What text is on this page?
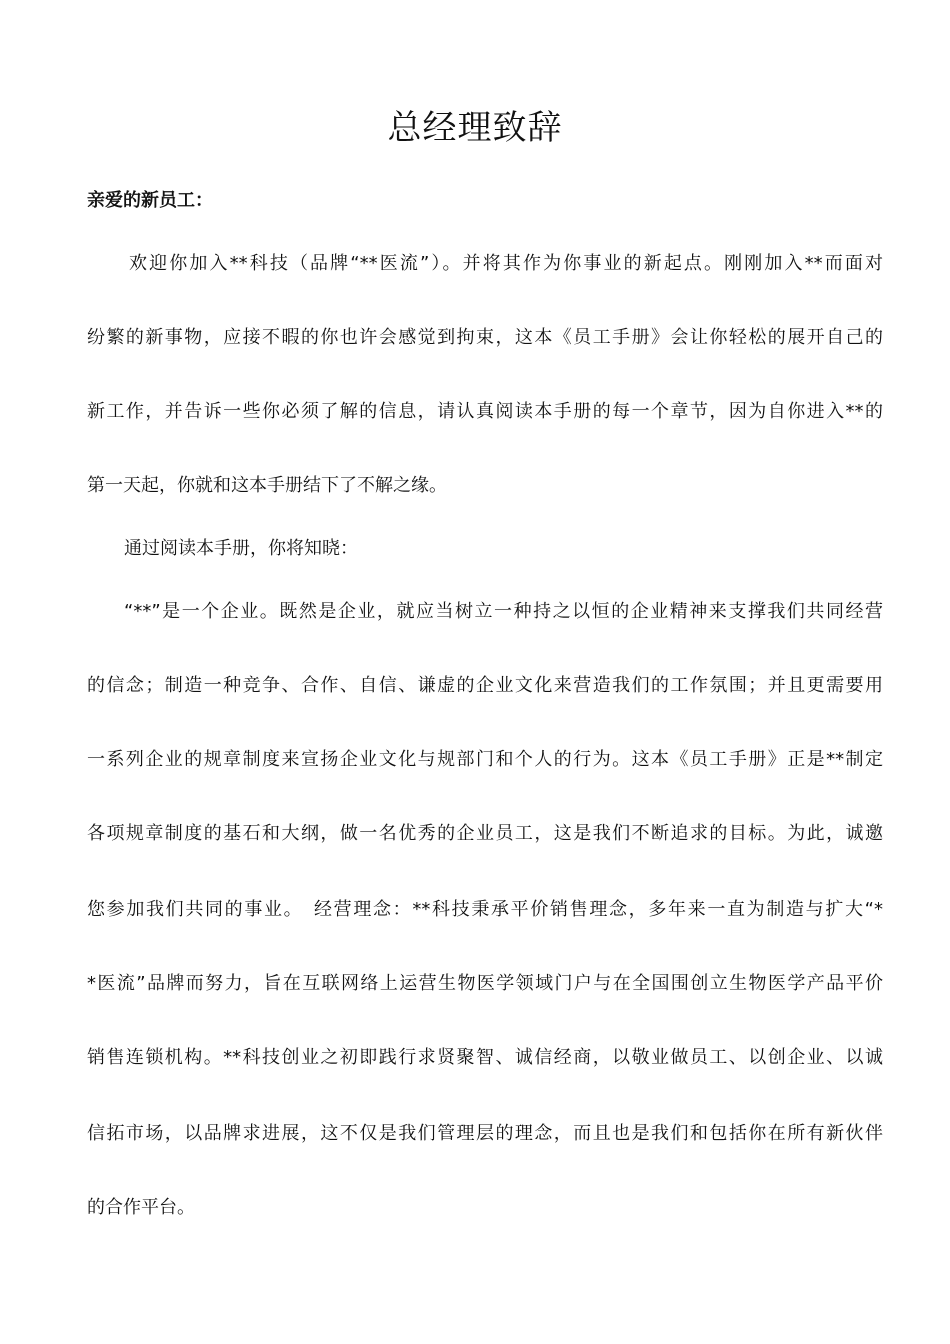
总经理致辞

亲爱的新员工：

欢迎你加入**科技（品牌“**医流”）。并将其作为你事业的新起点。刚刚加入**而面对

纷繁的新事物，应接不暇的你也许会感觉到拘束，这本《员工手册》会让你轻松的展开自己的

新工作，并告诉一些你必须了解的信息，请认真阅读本手册的每一个章节，因为自你进入**的

第一天起，你就和这本手册结下了不解之缘。

通过阅读本手册，你将知晓：

“**”是一个企业。既然是企业，就应当树立一种持之以恒的企业精神来支撑我们共同经营

的信念；制造一种竞争、合作、自信、谦虚的企业文化来营造我们的工作氛围；并且更需要用

一系列企业的规章制度来宣扬企业文化与规部门和个人的行为。这本《员工手册》正是**制定

各项规章制度的基石和大纲，做一名优秀的企业员工，这是我们不断追求的目标。为此，诚邀

您参加我们共同的事业。　经营理念：**科技秉承平价销售理念，多年来一直为制造与扩大“*

*医流”品牌而努力，旨在互联网络上运营生物医学领域门户与在全国围创立生物医学产品平价

销售连锁机构。**科技创业之初即践行求贤聚智、诚信经商，以敬业做员工、以创企业、以诚

信拓市场，以品牌求进展，这不仅是我们管理层的理念，而且也是我们和包括你在所有新伙伴

的合作平台。
